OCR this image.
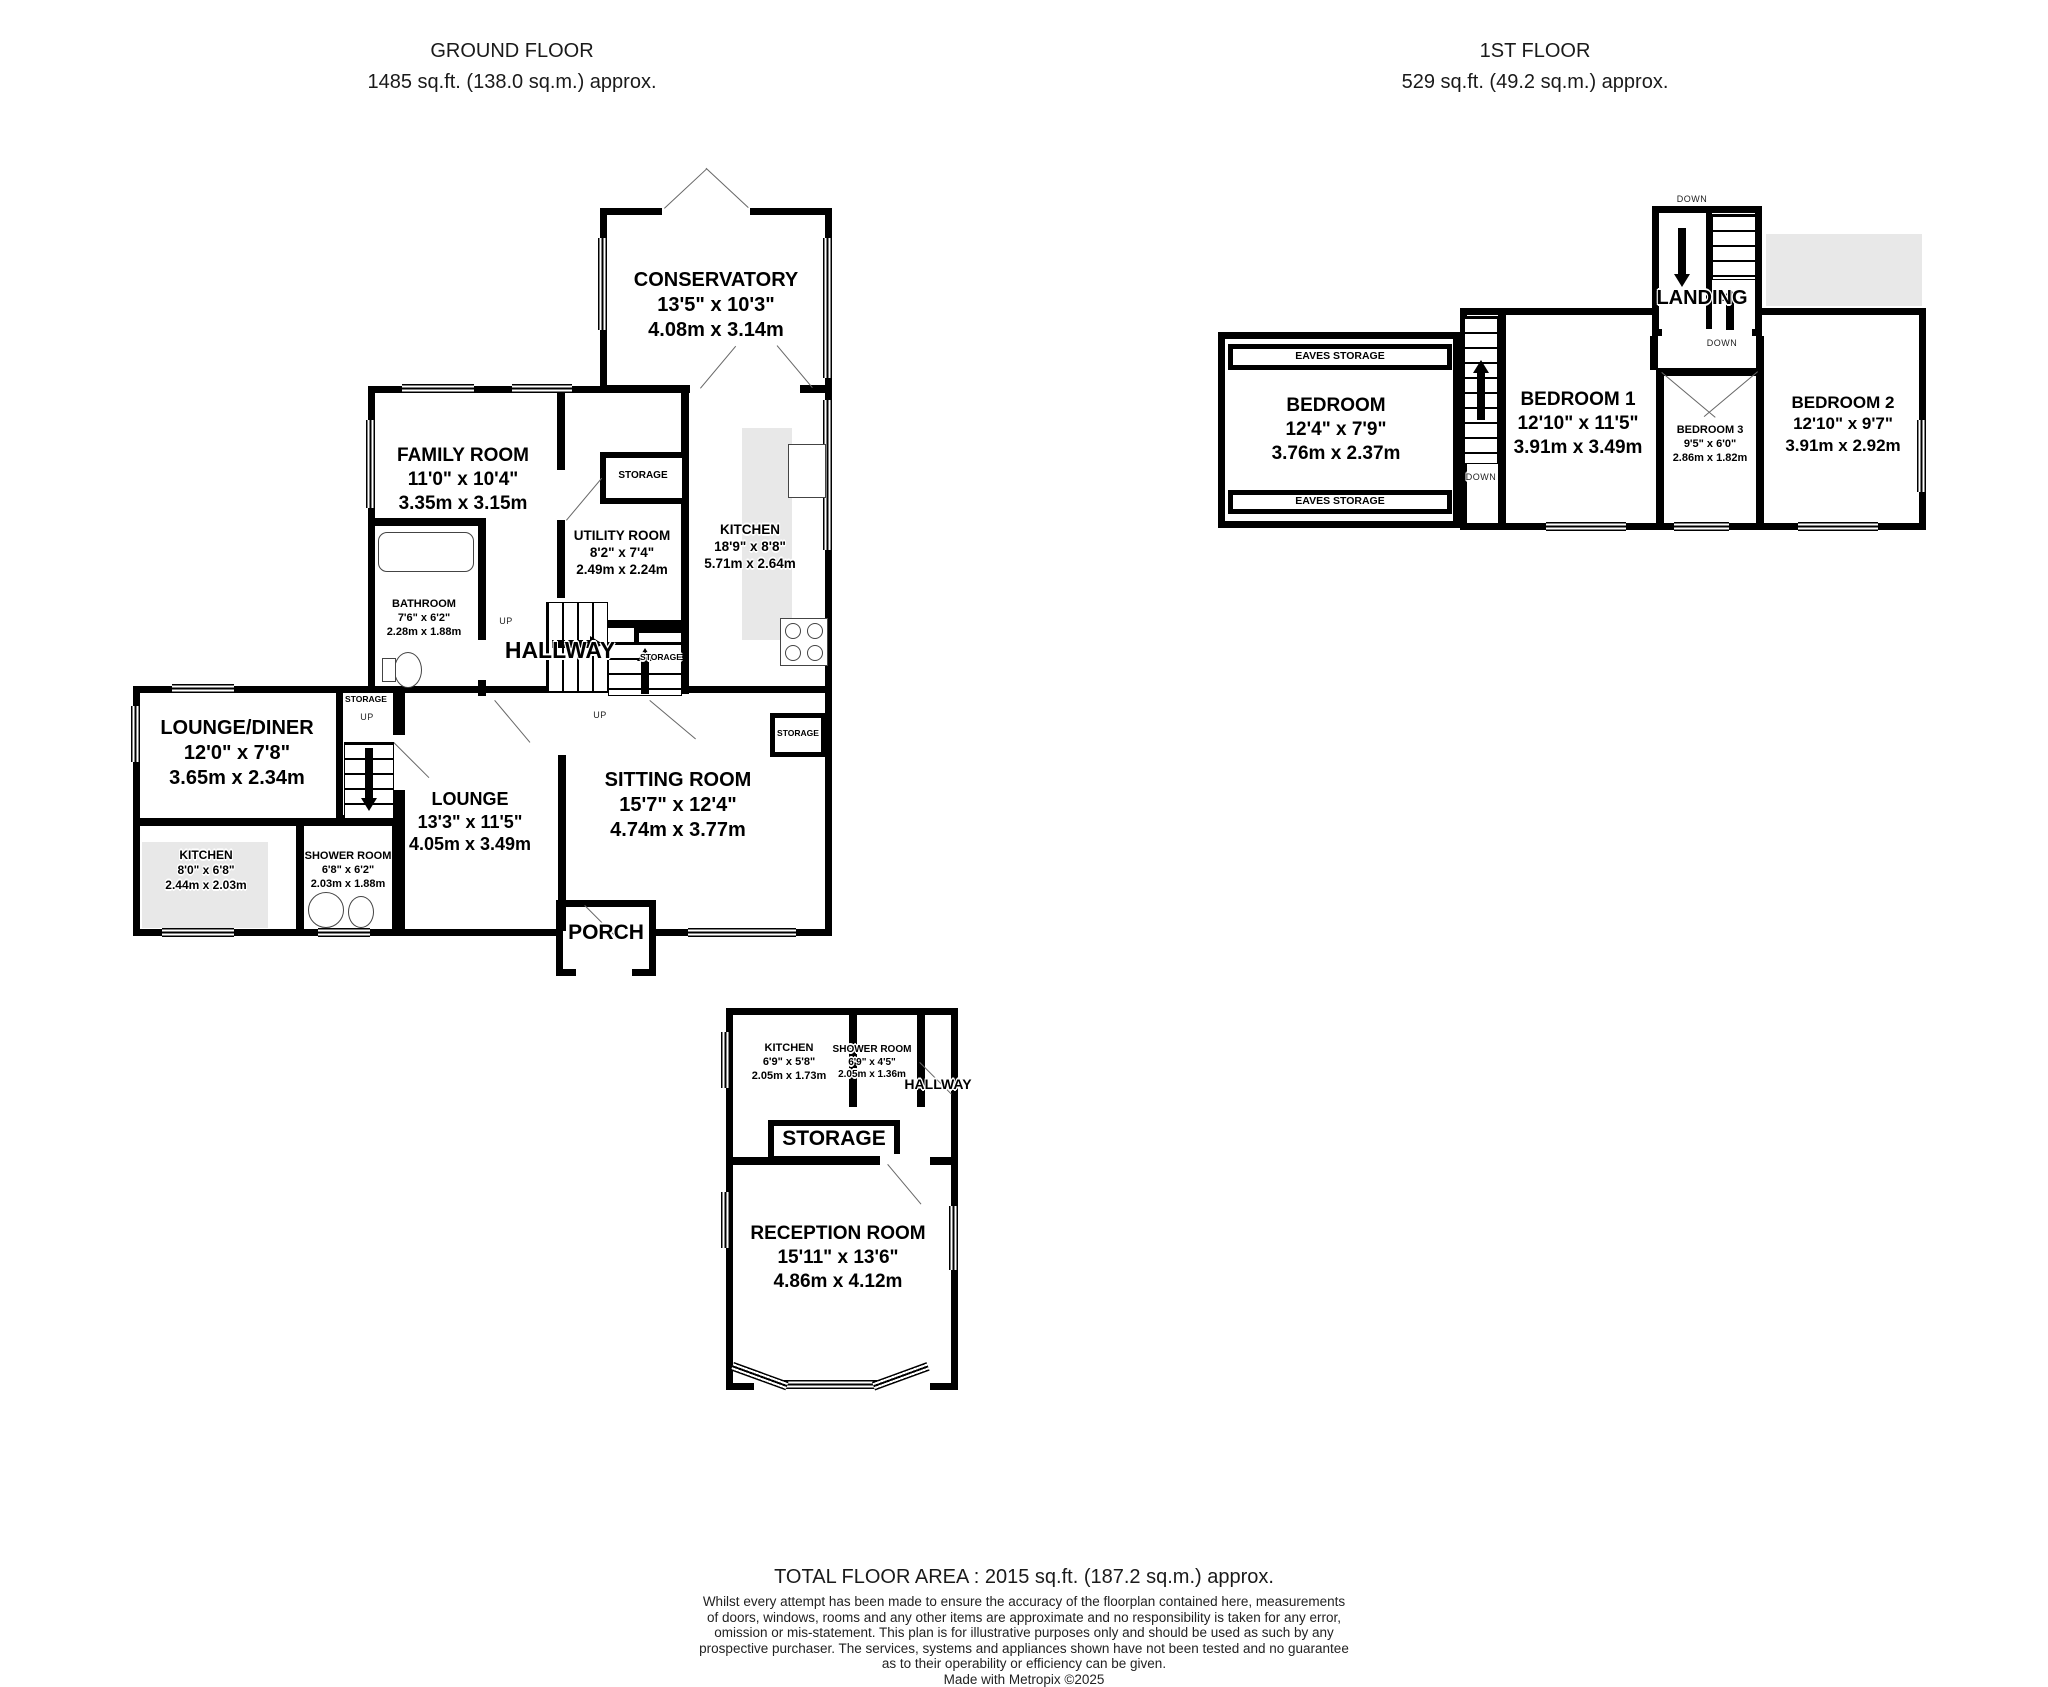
GROUND FLOOR
1485 sq.ft. (138.0 sq.m.) approx.
1ST FLOOR
529 sq.ft. (49.2 sq.m.) approx.
CONSERVATORY
13'5" x 10'3"
4.08m x 3.14m
FAMILY ROOM
11'0" x 10'4"
3.35m x 3.15m
UTILITY ROOM
8'2" x 7'4"
2.49m x 2.24m
KITCHEN
18'9" x 8'8"
5.71m x 2.64m
BATHROOM
7'6" x 6'2"
2.28m x 1.88m
HALLWAY
LOUNGE/DINER
12'0" x 7'8"
3.65m x 2.34m
KITCHEN
8'0" x 6'8"
2.44m x 2.03m
SHOWER ROOM
6'8" x 6'2"
2.03m x 1.88m
LOUNGE
13'3" x 11'5"
4.05m x 3.49m
SITTING ROOM
15'7" x 12'4"
4.74m x 3.77m
PORCH
STORAGE
STORAGE
STORAGE
STORAGE
UP
UP
UP
LANDING
BEDROOM
12'4" x 7'9"
3.76m x 2.37m
BEDROOM 1
12'10" x 11'5"
3.91m x 3.49m
BEDROOM 2
12'10" x 9'7"
3.91m x 2.92m
BEDROOM 3
9'5" x 6'0"
2.86m x 1.82m
EAVES STORAGE
EAVES STORAGE
DOWN
DOWN
DOWN
KITCHEN
6'9" x 5'8"
2.05m x 1.73m
SHOWER ROOM
6'9" x 4'5"
2.05m x 1.36m
HALLWAY
STORAGE
RECEPTION ROOM
15'11" x 13'6"
4.86m x 4.12m
TOTAL FLOOR AREA : 2015 sq.ft. (187.2 sq.m.) approx.
Whilst every attempt has been made to ensure the accuracy of the floorplan contained here, measurements
of doors, windows, rooms and any other items are approximate and no responsibility is taken for any error,
omission or mis-statement. This plan is for illustrative purposes only and should be used as such by any
prospective purchaser. The services, systems and appliances shown have not been tested and no guarantee
as to their operability or efficiency can be given.
Made with Metropix ©2025
